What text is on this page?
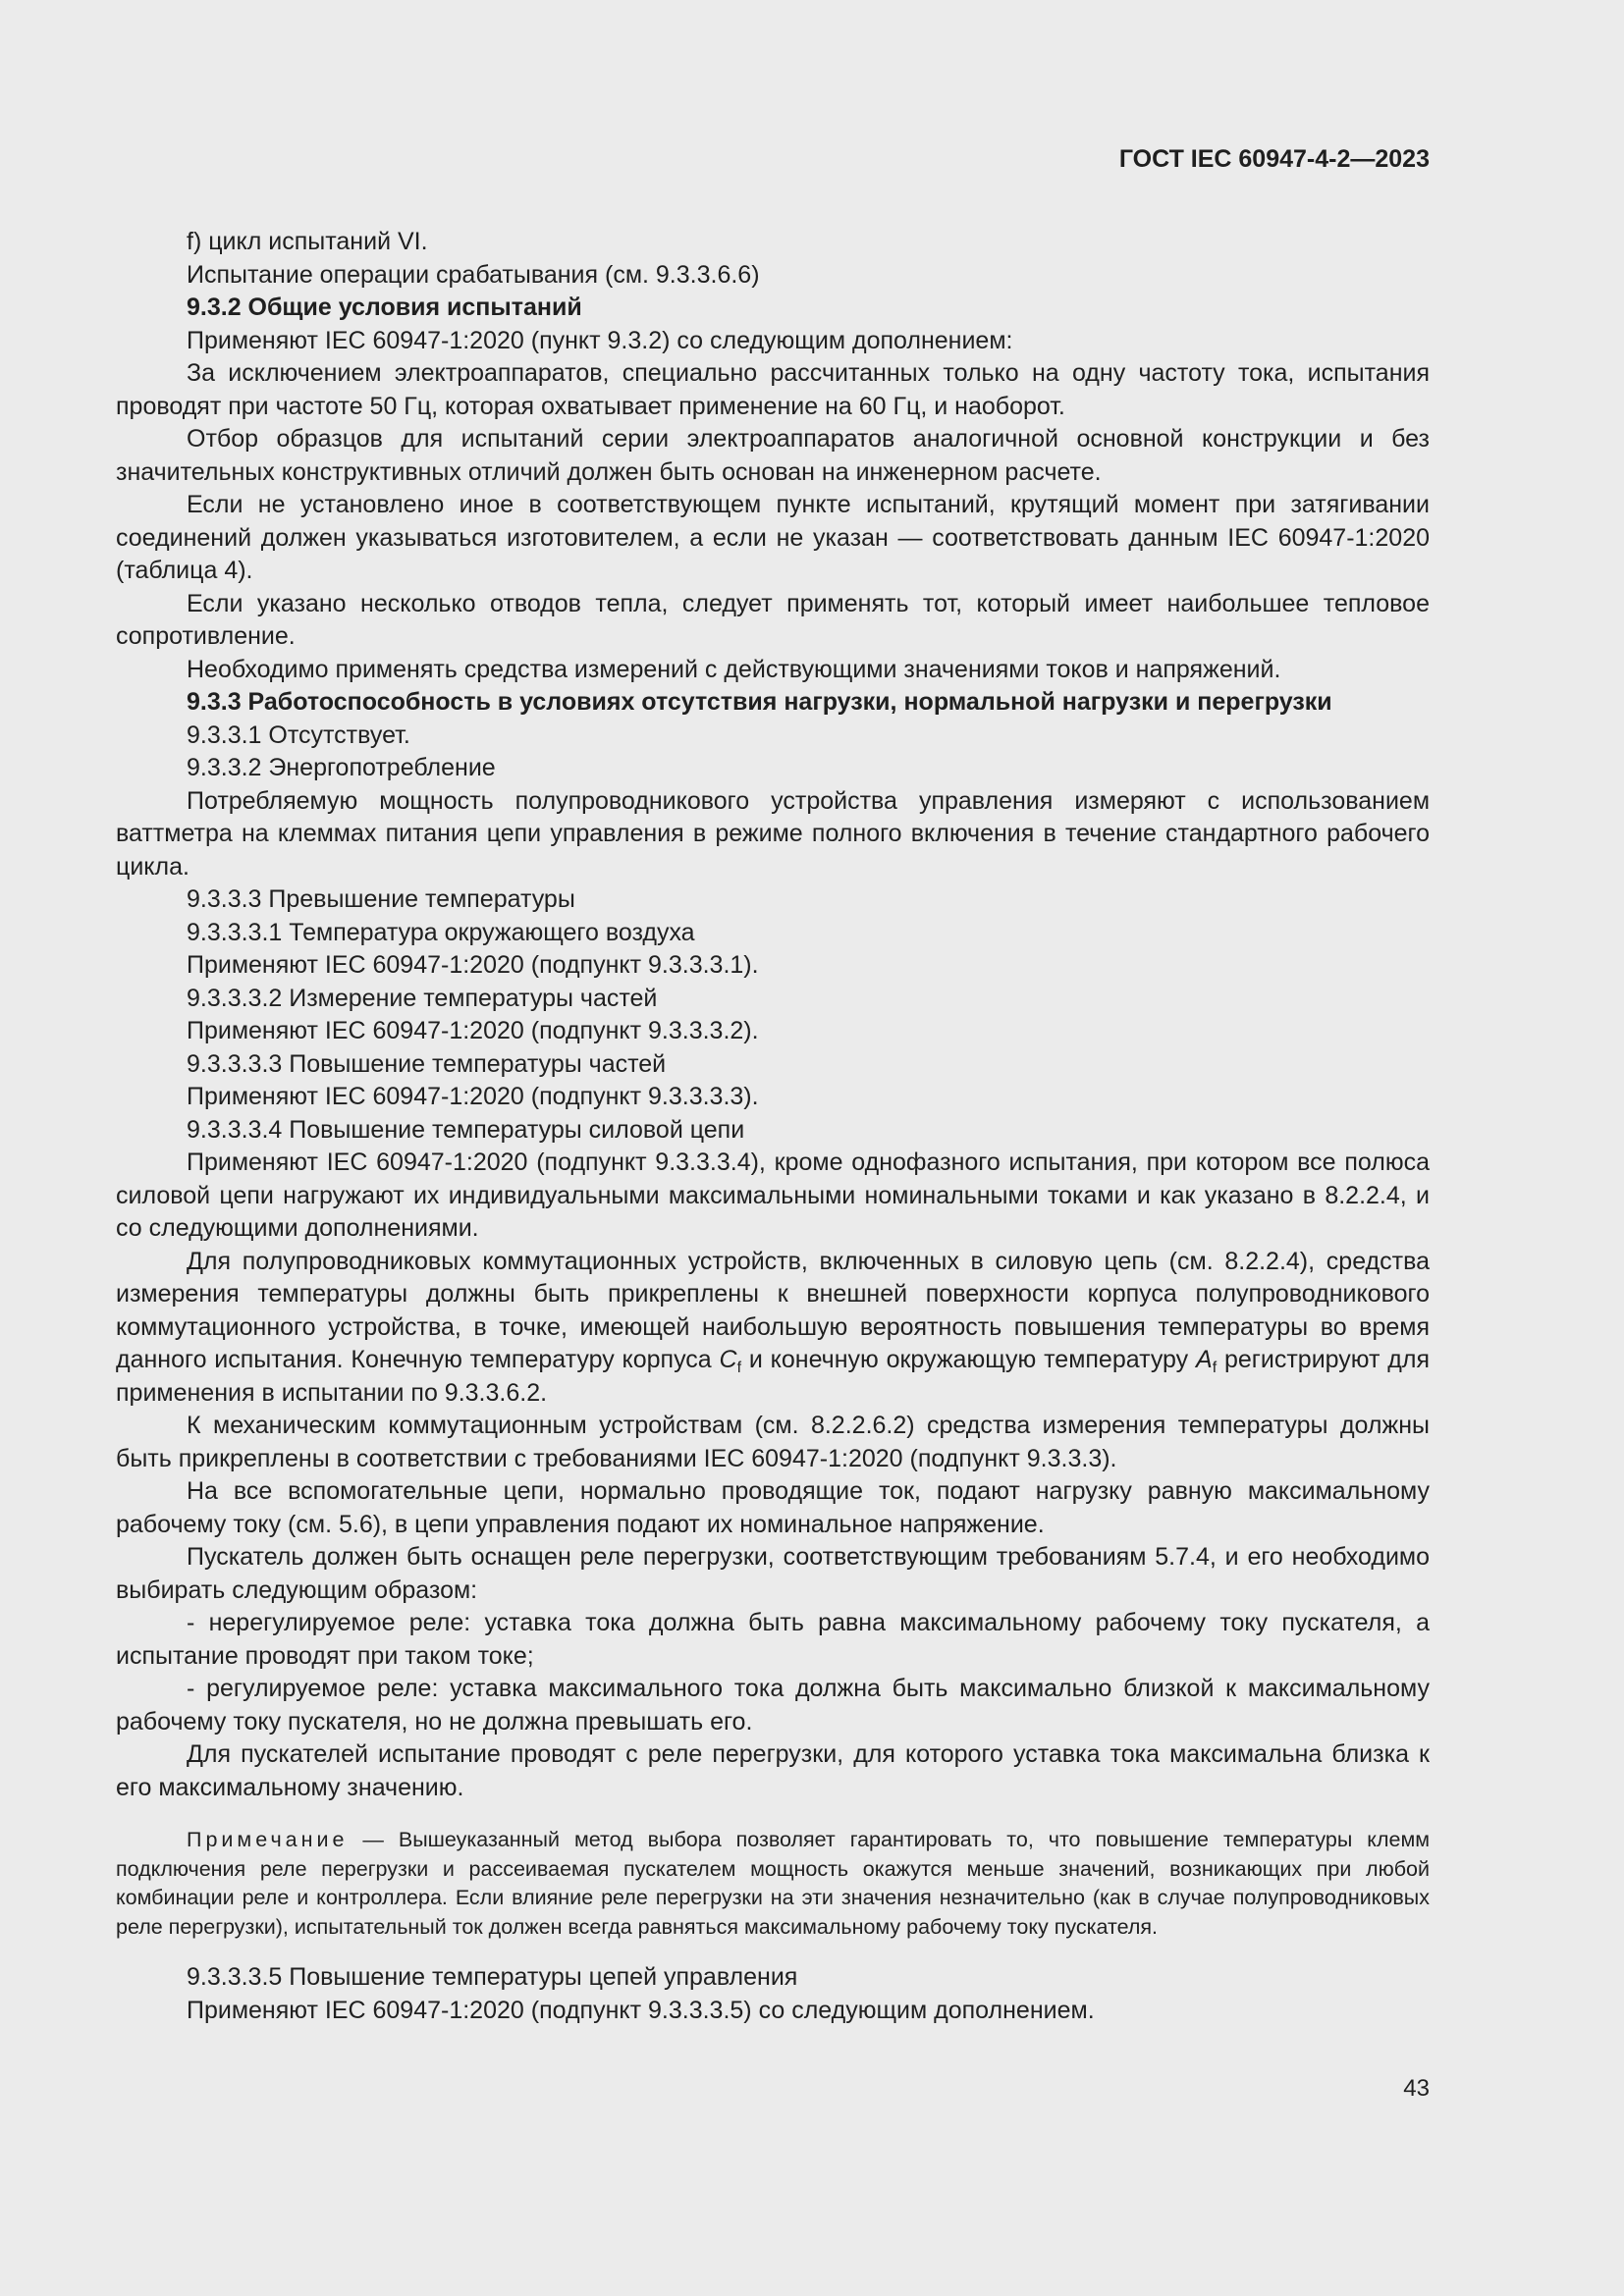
ГОСТ IEC 60947-4-2—2023

f) цикл испытаний VI.

Испытание операции срабатывания (см. 9.3.3.6.6)

9.3.2 Общие условия испытаний

Применяют IEC 60947-1:2020 (пункт 9.3.2) со следующим дополнением:

За исключением электроаппаратов, специально рассчитанных только на одну частоту тока, испытания проводят при частоте 50 Гц, которая охватывает применение на 60 Гц, и наоборот.

Отбор образцов для испытаний серии электроаппаратов аналогичной основной конструкции и без значительных конструктивных отличий должен быть основан на инженерном расчете.

Если не установлено иное в соответствующем пункте испытаний, крутящий момент при затягивании соединений должен указываться изготовителем, а если не указан — соответствовать данным IEC 60947-1:2020 (таблица 4).

Если указано несколько отводов тепла, следует применять тот, который имеет наибольшее тепловое сопротивление.

Необходимо применять средства измерений с действующими значениями токов и напряжений.

9.3.3 Работоспособность в условиях отсутствия нагрузки, нормальной нагрузки и перегрузки

9.3.3.1 Отсутствует.

9.3.3.2 Энергопотребление

Потребляемую мощность полупроводникового устройства управления измеряют с использованием ваттметра на клеммах питания цепи управления в режиме полного включения в течение стандартного рабочего цикла.

9.3.3.3 Превышение температуры

9.3.3.3.1 Температура окружающего воздуха

Применяют IEC 60947-1:2020 (подпункт 9.3.3.3.1).

9.3.3.3.2 Измерение температуры частей

Применяют IEC 60947-1:2020 (подпункт 9.3.3.3.2).

9.3.3.3.3 Повышение температуры частей

Применяют IEC 60947-1:2020 (подпункт 9.3.3.3.3).

9.3.3.3.4 Повышение температуры силовой цепи

Применяют IEC 60947-1:2020 (подпункт 9.3.3.3.4), кроме однофазного испытания, при котором все полюса силовой цепи нагружают их индивидуальными максимальными номинальными токами и как указано в 8.2.2.4, и со следующими дополнениями.

Для полупроводниковых коммутационных устройств, включенных в силовую цепь (см. 8.2.2.4), средства измерения температуры должны быть прикреплены к внешней поверхности корпуса полупроводникового коммутационного устройства, в точке, имеющей наибольшую вероятность повышения температуры во время данного испытания. Конечную температуру корпуса $C_f$ и конечную окружающую температуру $A_f$ регистрируют для применения в испытании по 9.3.3.6.2.

К механическим коммутационным устройствам (см. 8.2.2.6.2) средства измерения температуры должны быть прикреплены в соответствии с требованиями IEC 60947-1:2020 (подпункт 9.3.3.3).

На все вспомогательные цепи, нормально проводящие ток, подают нагрузку равную максимальному рабочему току (см. 5.6), в цепи управления подают их номинальное напряжение.

Пускатель должен быть оснащен реле перегрузки, соответствующим требованиям 5.7.4, и его необходимо выбирать следующим образом:

- нерегулируемое реле: уставка тока должна быть равна максимальному рабочему току пускателя, а испытание проводят при таком токе;

- регулируемое реле: уставка максимального тока должна быть максимально близкой к максимальному рабочему току пускателя, но не должна превышать его.

Для пускателей испытание проводят с реле перегрузки, для которого уставка тока максимальна близка к его максимальному значению.

Примечание — Вышеуказанный метод выбора позволяет гарантировать то, что повышение температуры клемм подключения реле перегрузки и рассеиваемая пускателем мощность окажутся меньше значений, возникающих при любой комбинации реле и контроллера. Если влияние реле перегрузки на эти значения незначительно (как в случае полупроводниковых реле перегрузки), испытательный ток должен всегда равняться максимальному рабочему току пускателя.

9.3.3.3.5 Повышение температуры цепей управления

Применяют IEC 60947-1:2020 (подпункт 9.3.3.3.5) со следующим дополнением.

43
